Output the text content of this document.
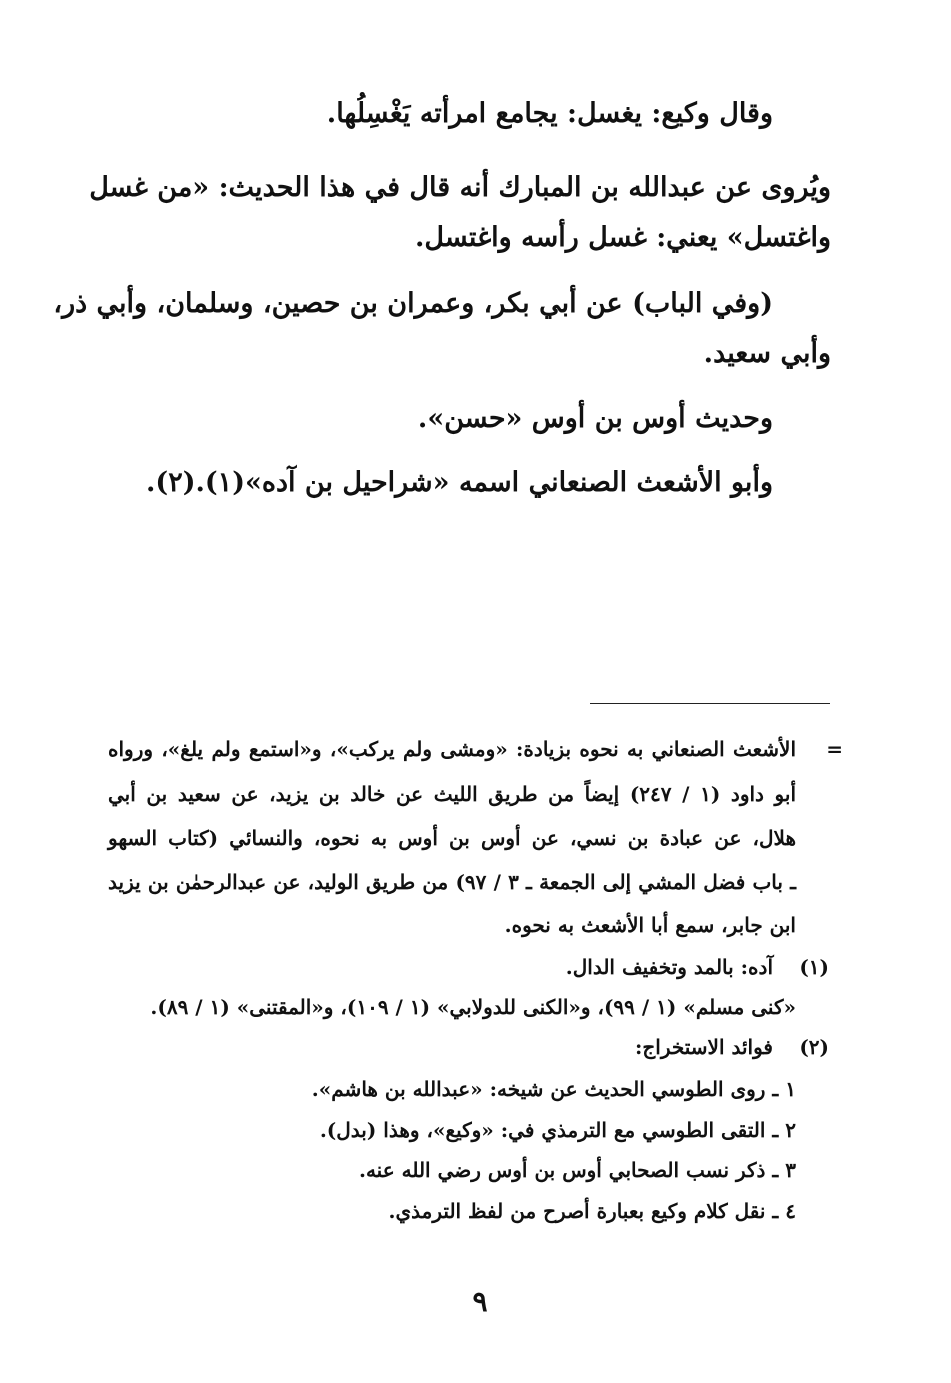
وقال وكيع: يغسل: يجامع امرأته يَغْسِلُها.
ويُروى عن عبدالله بن المبارك أنه قال في هذا الحديث: «من غسل
واغتسل» يعني: غسل رأسه واغتسل.
(وفي الباب) عن أبي بكر، وعمران بن حصين، وسلمان، وأبي ذر،
وأبي سعيد.
وحديث أوس بن أوس «حسن».
وأبو الأشعث الصنعاني اسمه «شراحيل بن آده»(١).(٢).
=
الأشعث الصنعاني به نحوه بزيادة: «ومشى ولم يركب»، و«استمع ولم يلغ»، ورواه
أبو داود (١ / ٢٤٧) إيضاً من طريق الليث عن خالد بن يزيد، عن سعيد بن أبي
هلال، عن عبادة بن نسي، عن أوس بن أوس به نحوه، والنسائي (كتاب السهو
ـ باب فضل المشي إلى الجمعة ـ ٣ / ٩٧) من طريق الوليد، عن عبدالرحمٰن بن يزيد
ابن جابر، سمع أبا الأشعث به نحوه.
(١)
آده: بالمد وتخفيف الدال.
«كنى مسلم» (١ / ٩٩)، و«الكنى للدولابي» (١ / ١٠٩)، و«المقتنى» (١ / ٨٩).
(٢)
فوائد الاستخراج:
١ ـ روى الطوسي الحديث عن شيخه: «عبدالله بن هاشم».
٢ ـ التقى الطوسي مع الترمذي في: «وكيع»، وهذا (بدل).
٣ ـ ذكر نسب الصحابي أوس بن أوس رضي الله عنه.
٤ ـ نقل كلام وكيع بعبارة أصرح من لفظ الترمذي.
٩
